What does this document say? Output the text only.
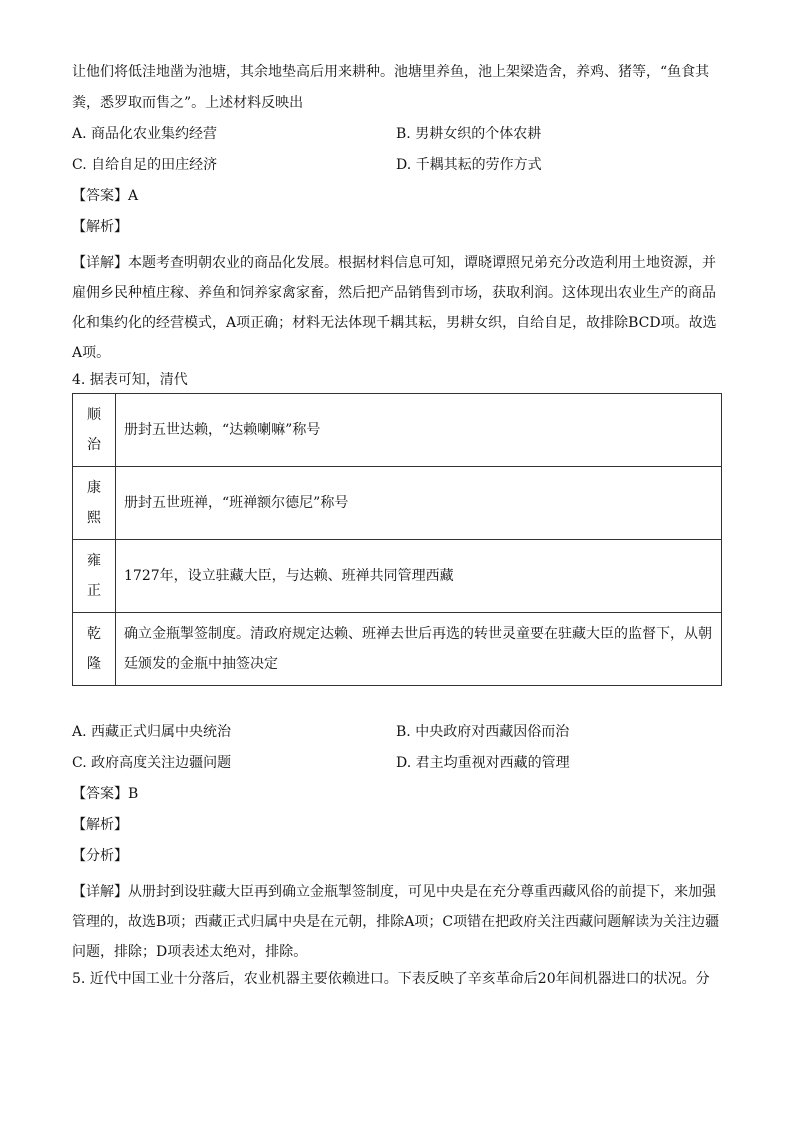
让他们将低洼地凿为池塘，其余地垫高后用来耕种。池塘里养鱼，池上架梁造舍，养鸡、猪等，“鱼食其
粪，悉罗取而售之”。上述材料反映出
A. 商品化农业集约经营	B. 男耕女织的个体农耕
C. 自给自足的田庄经济	D. 千耦其耘的劳作方式
【答案】A
【解析】

【详解】本题考查明朝农业的商品化发展。根据材料信息可知，谭晓谭照兄弟充分改造利用土地资源，并雇佣乡民种植庄稼、养鱼和饲养家禽家畜，然后把产品销售到市场，获取利润。这体现出农业生产的商品化和集约化的经营模式，A项正确；材料无法体现千耦其耘，男耕女织，自给自足，故排除BCD项。故选A项。

4. 据表可知，清代
顺
治	册封五世达赖，“达赖喇嘛”称号

康
熙	册封五世班禅，“班禅额尔德尼”称号

雍
正	1727年，设立驻藏大臣，与达赖、班禅共同管理西藏

乾
隆	确立金瓶掣签制度。清政府规定达赖、班禅去世后再选的转世灵童要在驻藏大臣的监督下，从朝廷颁发的金瓶中抽签决定
A. 西藏正式归属中央统治	B. 中央政府对西藏因俗而治
C. 政府高度关注边疆问题	D. 君主均重视对西藏的管理
【答案】B
【解析】
【分析】

【详解】从册封到设驻藏大臣再到确立金瓶掣签制度，可见中央是在充分尊重西藏风俗的前提下，来加强管理的，故选B项；西藏正式归属中央是在元朝，排除A项；C项错在把政府关注西藏问题解读为关注边疆问题，排除；D项表述太绝对，排除。

5. 近代中国工业十分落后，农业机器主要依赖进口。下表反映了辛亥革命后20年间机器进口的状况。分
